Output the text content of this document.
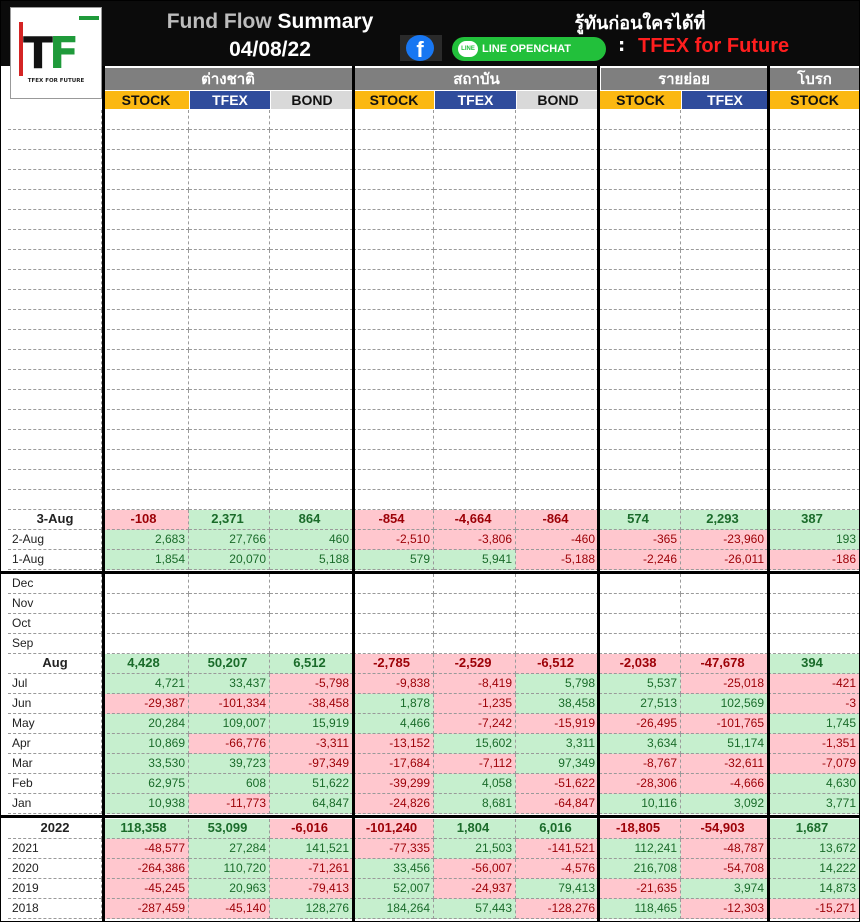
Fund Flow Summary
04/08/22
รู้ทันก่อนใครได้ที่
f	LINE LINE OPENCHAT	: TFEX for Future
TF
TFEX FOR FUTURE	ต่างชาติ	สถาบัน	รายย่อย	โบรก
STOCK	TFEX	BOND	STOCK	TFEX	BOND	STOCK	TFEX	STOCK
3-Aug	-108	2,371	864	-854	-4,664	-864	574	2,293	387
2-Aug	2,683	27,766	460	-2,510	-3,806	-460	-365	-23,960	193
1-Aug	1,854	20,070	5,188	579	5,941	-5,188	-2,246	-26,011	-186
Dec
Nov
Oct
Sep
Aug	4,428	50,207	6,512	-2,785	-2,529	-6,512	-2,038	-47,678	394
Jul	4,721	33,437	-5,798	-9,838	-8,419	5,798	5,537	-25,018	-421
Jun	-29,387	-101,334	-38,458	1,878	-1,235	38,458	27,513	102,569	-3
May	20,284	109,007	15,919	4,466	-7,242	-15,919	-26,495	-101,765	1,745
Apr	10,869	-66,776	-3,311	-13,152	15,602	3,311	3,634	51,174	-1,351
Mar	33,530	39,723	-97,349	-17,684	-7,112	97,349	-8,767	-32,611	-7,079
Feb	62,975	608	51,622	-39,299	4,058	-51,622	-28,306	-4,666	4,630
Jan	10,938	-11,773	64,847	-24,826	8,681	-64,847	10,116	3,092	3,771
2022	118,358	53,099	-6,016	-101,240	1,804	6,016	-18,805	-54,903	1,687
2021	-48,577	27,284	141,521	-77,335	21,503	-141,521	112,241	-48,787	13,672
2020	-264,386	110,720	-71,261	33,456	-56,007	-4,576	216,708	-54,708	14,222
2019	-45,245	20,963	-79,413	52,007	-24,937	79,413	-21,635	3,974	14,873
2018	-287,459	-45,140	128,276	184,264	57,443	-128,276	118,465	-12,303	-15,271
